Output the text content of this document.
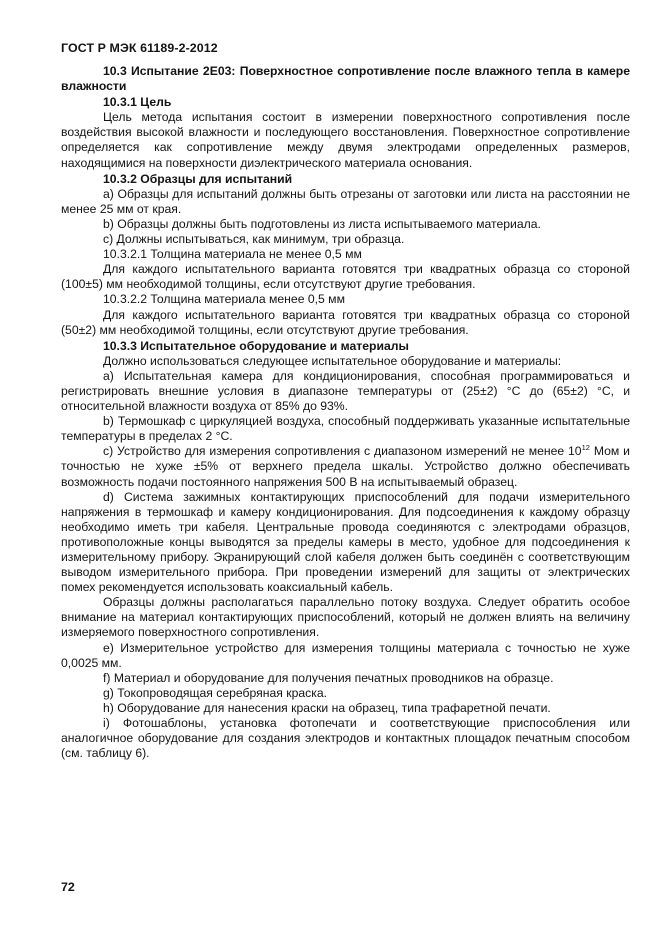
ГОСТ Р МЭК 61189-2-2012

10.3 Испытание 2Е03: Поверхностное сопротивление после влажного тепла в камере влажности

10.3.1 Цель

Цель метода испытания состоит в измерении поверхностного сопротивления после воздействия высокой влажности и последующего восстановления. Поверхностное сопротивление определяется как сопротивление между двумя электродами определенных размеров, находящимися на поверхности диэлектрического материала основания.

10.3.2 Образцы для испытаний

а) Образцы для испытаний должны быть отрезаны от заготовки или листа на расстоянии не менее 25 мм от края.

b) Образцы должны быть подготовлены из листа испытываемого материала.

с) Должны испытываться, как минимум, три образца.

10.3.2.1 Толщина материала не менее 0,5 мм

Для каждого испытательного варианта готовятся три квадратных образца со стороной (100±5) мм необходимой толщины, если отсутствуют другие требования.

10.3.2.2 Толщина материала менее 0,5 мм

Для каждого испытательного варианта готовятся три квадратных образца со стороной (50±2) мм необходимой толщины, если отсутствуют другие требования.

10.3.3 Испытательное оборудование и материалы

Должно использоваться следующее испытательное оборудование и материалы:

а) Испытательная камера для кондиционирования, способная программироваться и регистрировать внешние условия в диапазоне температуры от (25±2) °С до (65±2) °С, и относительной влажности воздуха от 85% до 93%.

b) Термошкаф с циркуляцией воздуха, способный поддерживать указанные испытательные температуры в пределах 2 °С.

с) Устройство для измерения сопротивления с диапазоном измерений не менее $10^{12}$ Мом и точностью не хуже ±5% от верхнего предела шкалы. Устройство должно обеспечивать возможность подачи постоянного напряжения 500 В на испытываемый образец.

d) Система зажимных контактирующих приспособлений для подачи измерительного напряжения в термошкаф и камеру кондиционирования. Для подсоединения к каждому образцу необходимо иметь три кабеля. Центральные провода соединяются с электродами образцов, противоположные концы выводятся за пределы камеры в место, удобное для подсоединения к измерительному прибору. Экранирующий слой кабеля должен быть соединён с соответствующим выводом измерительного прибора. При проведении измерений для защиты от электрических помех рекомендуется использовать коаксиальный кабель.

Образцы должны располагаться параллельно потоку воздуха. Следует обратить особое внимание на материал контактирующих приспособлений, который не должен влиять на величину измеряемого поверхностного сопротивления.

е) Измерительное устройство для измерения толщины материала с точностью не хуже 0,0025 мм.

f) Материал и оборудование для получения печатных проводников на образце.

g) Токопроводящая серебряная краска.

h) Оборудование для нанесения краски на образец, типа трафаретной печати.

i) Фотошаблоны, установка фотопечати и соответствующие приспособления или аналогичное оборудование для создания электродов и контактных площадок печатным способом (см. таблицу 6).

72
